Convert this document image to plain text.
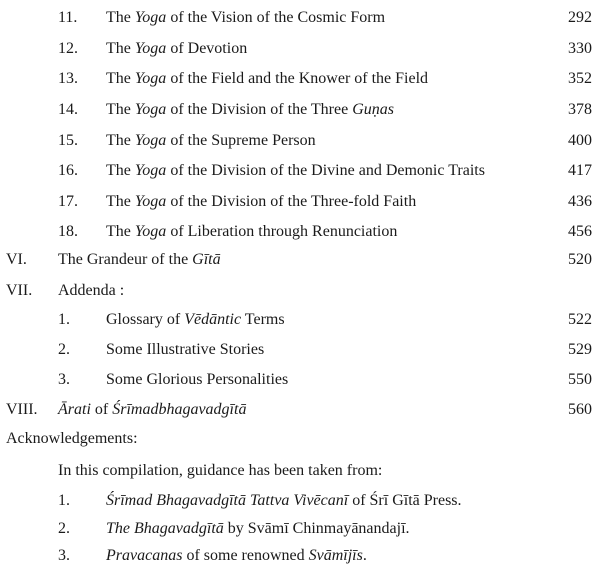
11. The Yoga of the Vision of the Cosmic Form	292
12. The Yoga of Devotion	330
13. The Yoga of the Field and the Knower of the Field	352
14. The Yoga of the Division of the Three Guṇas	378
15. The Yoga of the Supreme Person	400
16. The Yoga of the Division of the Divine and Demonic Traits	417
17. The Yoga of the Division of the Three-fold Faith	436
18. The Yoga of Liberation through Renunciation	456
VI. The Grandeur of the Gītā	520
VII. Addenda :
1. Glossary of Vēdāntic Terms	522
2. Some Illustrative Stories	529
3. Some Glorious Personalities	550
VIII. Ārati of Śrīmadbhagavadgītā	560
Acknowledgements:
In this compilation, guidance has been taken from:
1. Śrīmad Bhagavadgītā Tattva Vivēcanī of Śrī Gītā Press.
2. The Bhagavadgītā by Svāmī Chinmayānandajī.
3. Pravacanas of some renowned Svāmījīs.
